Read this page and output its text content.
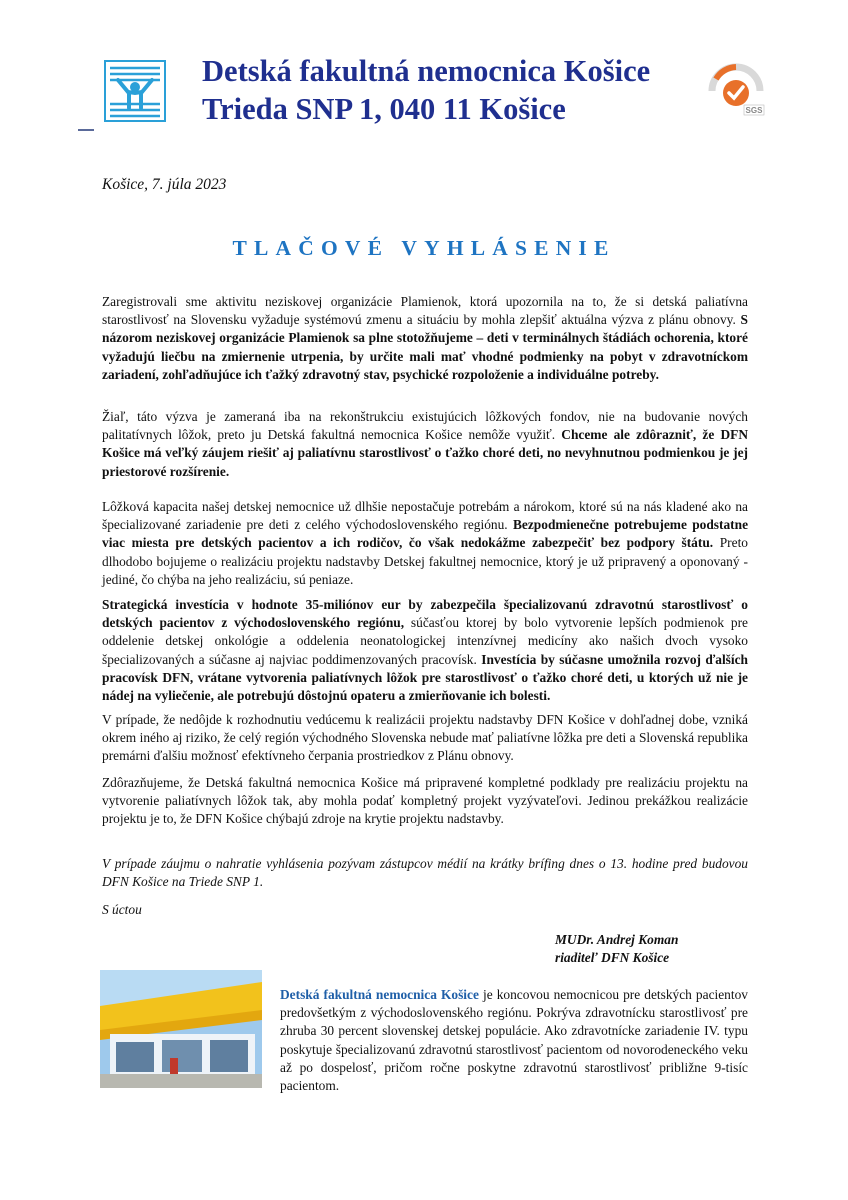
Detská fakultná nemocnica Košice
Trieda SNP 1, 040 11 Košice	SGS
Košice, 7. júla 2023
TLAČOVÉ VYHLÁSENIE
Zaregistrovali sme aktivitu neziskovej organizácie Plamienok, ktorá upozornila na to, že si detská paliatívna starostlivosť na Slovensku vyžaduje systémovú zmenu a situáciu by mohla zlepšiť aktuálna výzva z plánu obnovy. S názorom neziskovej organizácie Plamienok sa plne stotožňujeme – deti v terminálnych štádiách ochorenia, ktoré vyžadujú liečbu na zmiernenie utrpenia, by určite mali mať vhodné podmienky na pobyt v zdravotníckom zariadení, zohľadňujúce ich ťažký zdravotný stav, psychické rozpoloženie a individuálne potreby.
Žiaľ, táto výzva je zameraná iba na rekonštrukciu existujúcich lôžkových fondov, nie na budovanie nových palitatívnych lôžok, preto ju Detská fakultná nemocnica Košice nemôže využiť. Chceme ale zdôrazniť, že DFN Košice má veľký záujem riešiť aj paliatívnu starostlivosť o ťažko choré deti, no nevyhnutnou podmienkou je jej priestorové rozšírenie.
Lôžková kapacita našej detskej nemocnice už dlhšie nepostačuje potrebám a nárokom, ktoré sú na nás kladené ako na špecializované zariadenie pre deti z celého východoslovenského regiónu. Bezpodmienečne potrebujeme podstatne viac miesta pre detských pacientov a ich rodičov, čo však nedokážme zabezpečiť bez podpory štátu. Preto dlhodobo bojujeme o realizáciu projektu nadstavby Detskej fakultnej nemocnice, ktorý je už pripravený a oponovaný - jediné, čo chýba na jeho realizáciu, sú peniaze.
Strategická investícia v hodnote 35-miliónov eur by zabezpečila špecializovanú zdravotnú starostlivosť o detských pacientov z východoslovenského regiónu, súčasťou ktorej by bolo vytvorenie lepších podmienok pre oddelenie detskej onkológie a oddelenia neonatologickej intenzívnej medicíny ako našich dvoch vysoko špecializovaných a súčasne aj najviac poddimenzovaných pracovísk. Investícia by súčasne umožnila rozvoj ďalších pracovísk DFN, vrátane vytvorenia paliatívnych lôžok pre starostlivosť o ťažko choré deti, u ktorých už nie je nádej na vyliečenie, ale potrebujú dôstojnú opateru a zmierňovanie ich bolesti.
V prípade, že nedôjde k rozhodnutiu vedúcemu k realizácii projektu nadstavby DFN Košice v dohľadnej dobe, vzniká okrem iného aj riziko, že celý región východného Slovenska nebude mať paliatívne lôžka pre deti a Slovenská republika premárni ďalšiu možnosť efektívneho čerpania prostriedkov z Plánu obnovy.
Zdôrazňujeme, že Detská fakultná nemocnica Košice má pripravené kompletné podklady pre realizáciu projektu na vytvorenie paliatívnych lôžok tak, aby mohla podať kompletný projekt vyzývateľovi. Jedinou prekážkou realizácie projektu je to, že DFN Košice chýbajú zdroje na krytie projektu nadstavby.
V prípade záujmu o nahratie vyhlásenia pozývam zástupcov médií na krátky brífing dnes o 13. hodine pred budovou DFN Košice na Triede SNP 1.
S úctou
MUDr. Andrej Koman
riaditeľ DFN Košice
Detská fakultná nemocnica Košice je koncovou nemocnicou pre detských pacientov predovšetkým z východoslovenského regiónu. Pokrýva zdravotnícku starostlivosť pre zhruba 30 percent slovenskej detskej populácie. Ako zdravotnícke zariadenie IV. typu poskytuje špecializovanú zdravotnú starostlivosť pacientom od novorodeneckého veku až po dospelosť, pričom ročne poskytne zdravotnú starostlivosť približne 9-tisíc pacientom.
